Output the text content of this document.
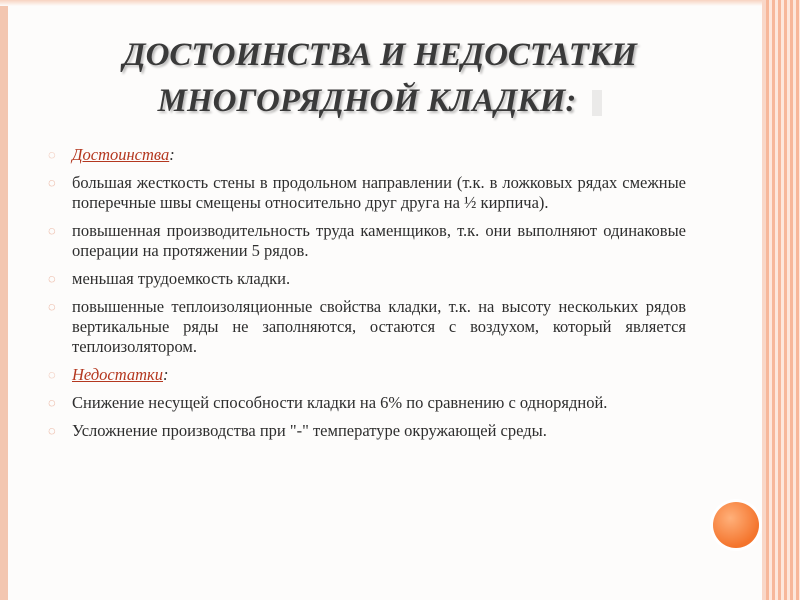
ДОСТОИНСТВА И НЕДОСТАТКИ
МНОГОРЯДНОЙ КЛАДКИ:
◌ Достоинства:
◌ большая жесткость стены в продольном направлении (т.к. в ложковых рядах смежные поперечные швы смещены относительно друг друга на ½ кирпича).
◌ повышенная производительность труда каменщиков, т.к. они выполняют одинаковые операции на протяжении 5 рядов.
◌ меньшая трудоемкость кладки.
◌ повышенные теплоизоляционные свойства кладки, т.к. на высоту нескольких рядов вертикальные ряды не заполняются, остаются с воздухом, который является теплоизолятором.
◌ Недостатки:
◌ Снижение несущей способности кладки на 6% по сравнению с однорядной.
◌ Усложнение производства при "-" температуре окружающей среды.
